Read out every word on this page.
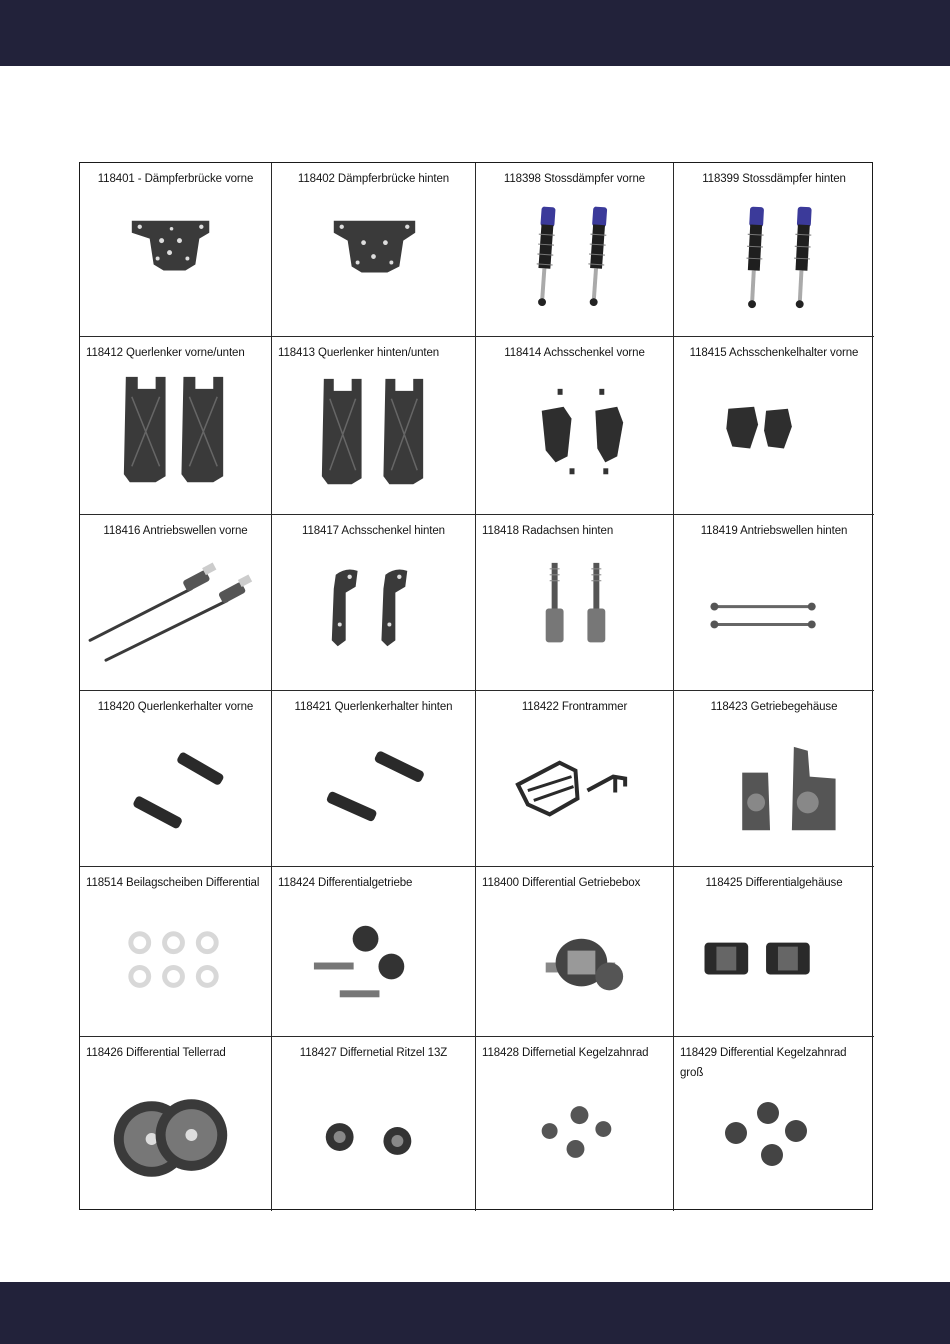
118401 - Dämpferbrücke vorne	118402 Dämpferbrücke hinten	118398 Stossdämpfer vorne	118399 Stossdämpfer hinten
118412 Querlenker vorne/unten	118413 Querlenker hinten/unten	118414 Achsschenkel vorne	118415 Achsschenkelhalter vorne
118416 Antriebswellen vorne	118417 Achsschenkel hinten	118418 Radachsen hinten	118419 Antriebswellen hinten
118420 Querlenkerhalter vorne	118421 Querlenkerhalter hinten	118422 Frontrammer	118423 Getriebegehäuse
118514 Beilagscheiben Differential	118424 Differentialgetriebe	118400 Differential Getriebebox	118425 Differentialgehäuse
118426 Differential Tellerrad	118427 Differnetial Ritzel 13Z	118428 Differnetial Kegelzahnrad	118429 Differential Kegelzahnrad groß
